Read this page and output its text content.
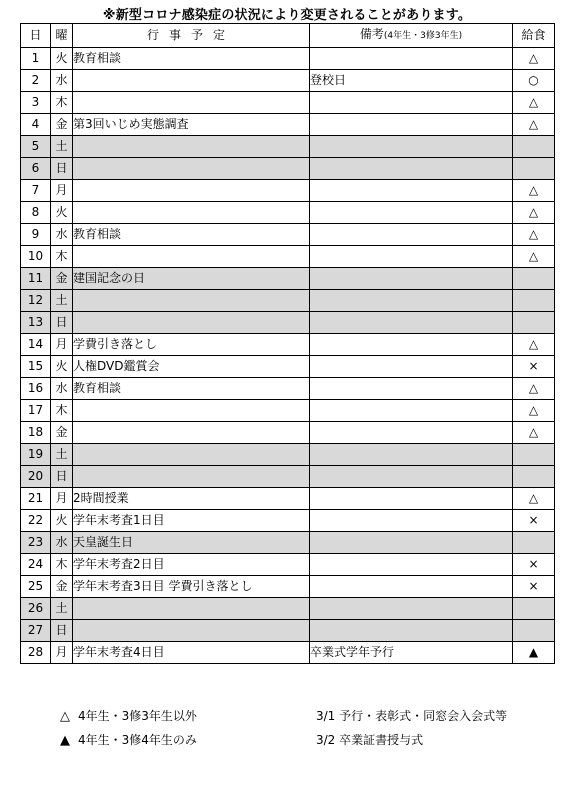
※新型コロナ感染症の状況により変更されることがあります。
日	曜	行事予定	備考(4年生・3修3年生)	給食
1	火	教育相談		△
2	水		登校日	○
3	木			△
4	金	第3回いじめ実態調査		△
5	土			
6	日			
7	月			△
8	火			△
9	水	教育相談		△
10	木			△
11	金	建国記念の日		
12	土			
13	日			
14	月	学費引き落とし		△
15	火	人権DVD鑑賞会		×
16	水	教育相談		△
17	木			△
18	金			△
19	土			
20	日			
21	月	2時間授業		△
22	火	学年末考査1日目		×
23	水	天皇誕生日		
24	木	学年末考査2日目		×
25	金	学年末考査3日目 学費引き落とし		×
26	土			
27	日			
28	月	学年末考査4日目	卒業式学年予行	▲
△ 4年生・3修3年生以外
▲ 4年生・3修4年生のみ
3/1 予行・表彰式・同窓会入会式等
3/2 卒業証書授与式
